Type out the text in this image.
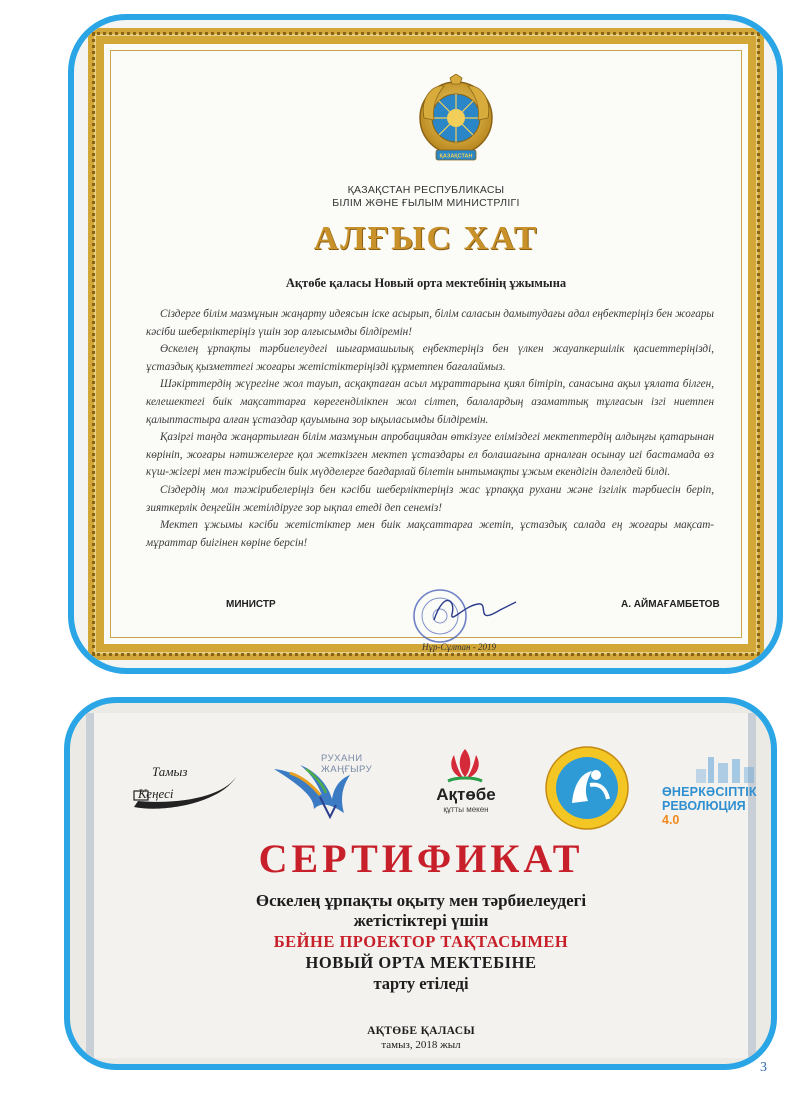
ҚАЗАҚСТАН
ҚАЗАҚСТАН РЕСПУБЛИКАСЫ
БІЛІМ ЖӘНЕ ҒЫЛЫМ МИНИСТРЛІГІ
АЛҒЫС ХАТ
Ақтөбе қаласы Новый орта мектебінің ұжымына

Сіздерге білім мазмұнын жаңарту идеясын іске асырып, білім саласын дамытудағы адал еңбектеріңіз бен жоғары кәсіби шеберліктеріңіз үшін зор алғысымды білдіремін!

Өскелең ұрпақты тәрбиелеудегі шығармашылық еңбектеріңіз бен үлкен жауапкершілік қасиеттеріңізді, ұстаздық қызметтегі жоғары жетістіктеріңізді құрметпен бағалаймыз.

Шәкірттердің жүрегіне жол тауып, асқақтаған асыл мұраттарына қиял бітіріп, санасына ақыл ұялата білген, келешектегі биік мақсаттарға көрегенділікпен жол сілтеп, балалардың азаматтық тұлғасын ізгі ниетпен қалыптастыра алған ұстаздар қауымына зор ықыласымды білдіремін.

Қазіргі таңда жаңартылған білім мазмұнын апробациядан өткізуге еліміздегі мектептердің алдыңғы қатарынан көрініп, жоғары нәтижелерге қол жеткізген мектеп ұстаздары ел болашағына арналған осынау игі бастамада өз күш-жігері мен тәжірибесін биік мүдделерге бағдарлай білетін ынтымақты ұжым екендігін дәлелдей білді.

Сіздердің мол тәжірибелеріңіз бен кәсіби шеберліктеріңіз жас ұрпаққа рухани және ізгілік тәрбиесін беріп, зияткерлік деңгейін жетілдіруге зор ықпал етеді деп сенеміз!

Мектеп ұжымы кәсіби жетістіктер мен биік мақсаттарға жетіп, ұстаздық салада ең жоғары мақсат-мұраттар биігінен көріне берсін!

МИНИСТР	А. АЙМАҒАМБЕТОВ
Нұр-Сұлтан - 2019
Тамыз
Кеңесі
РУХАНИ
ЖАҢҒЫРУ
Ақтөбе
құтты мекен
ӨНЕРКӘСІПТІК
РЕВОЛЮЦИЯ 4.0
СЕРТИФИКАТ
Өскелең ұрпақты оқыту мен тәрбиелеудегі
жетістіктері үшін
БЕЙНЕ ПРОЕКТОР ТАҚТАСЫМЕН
НОВЫЙ ОРТА МЕКТЕБІНЕ
тарту етіледі
АҚТӨБЕ ҚАЛАСЫ
тамыз, 2018 жыл
3
